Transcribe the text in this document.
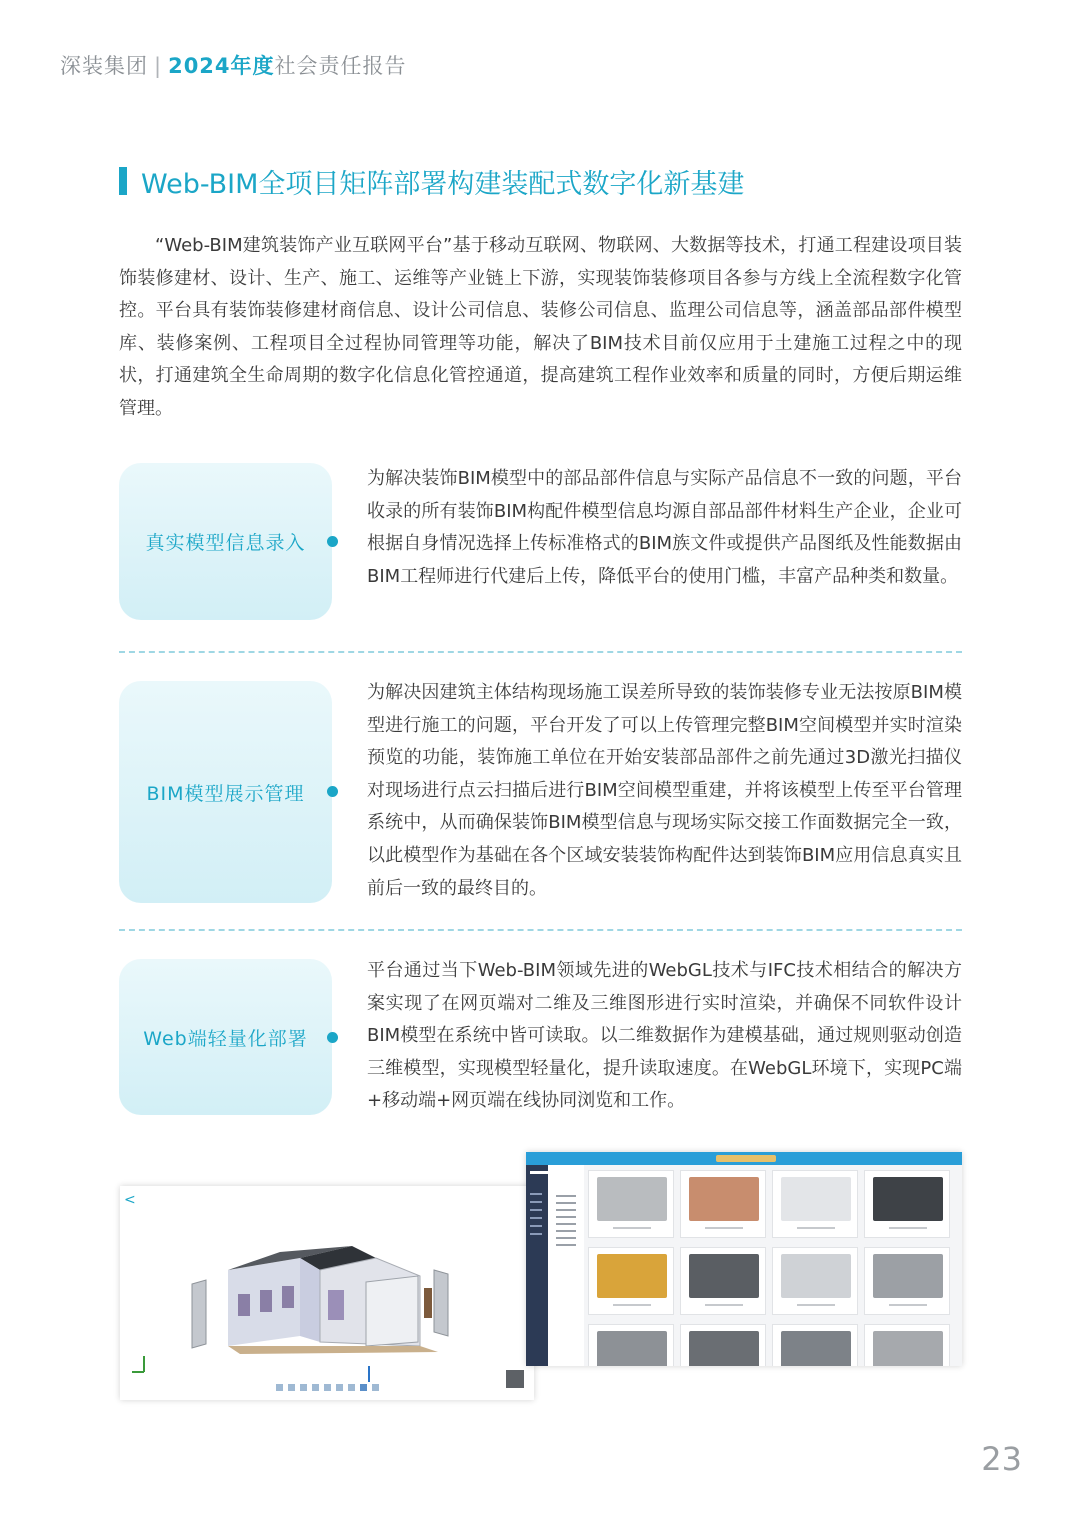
深装集团 | 2024年度社会责任报告
Web-BIM全项目矩阵部署构建装配式数字化新基建

“Web-BIM建筑装饰产业互联网平台”基于移动互联网、物联网、大数据等技术，打通工程建设项目装饰装修建材、设计、生产、施工、运维等产业链上下游，实现装饰装修项目各参与方线上全流程数字化管控。平台具有装饰装修建材商信息、设计公司信息、装修公司信息、监理公司信息等，涵盖部品部件模型库、装修案例、工程项目全过程协同管理等功能，解决了BIM技术目前仅应用于土建施工过程之中的现状，打通建筑全生命周期的数字化信息化管控通道，提高建筑工程作业效率和质量的同时，方便后期运维管理。

真实模型信息录入

为解决装饰BIM模型中的部品部件信息与实际产品信息不一致的问题，平台收录的所有装饰BIM构配件模型信息均源自部品部件材料生产企业，企业可根据自身情况选择上传标准格式的BIM族文件或提供产品图纸及性能数据由BIM工程师进行代建后上传，降低平台的使用门槛，丰富产品种类和数量。

BIM模型展示管理

为解决因建筑主体结构现场施工误差所导致的装饰装修专业无法按原BIM模型进行施工的问题，平台开发了可以上传管理完整BIM空间模型并实时渲染预览的功能，装饰施工单位在开始安装部品部件之前先通过3D激光扫描仪对现场进行点云扫描后进行BIM空间模型重建，并将该模型上传至平台管理系统中，从而确保装饰BIM模型信息与现场实际交接工作面数据完全一致，以此模型作为基础在各个区域安装装饰构配件达到装饰BIM应用信息真实且前后一致的最终目的。

Web端轻量化部署

平台通过当下Web-BIM领域先进的WebGL技术与IFC技术相结合的解决方案实现了在网页端对二维及三维图形进行实时渲染，并确保不同软件设计BIM模型在系统中皆可读取。以二维数据作为建模基础，通过规则驱动创造三维模型，实现模型轻量化，提升读取速度。在WebGL环境下，实现PC端+移动端+网页端在线协同浏览和工作。

<
23
